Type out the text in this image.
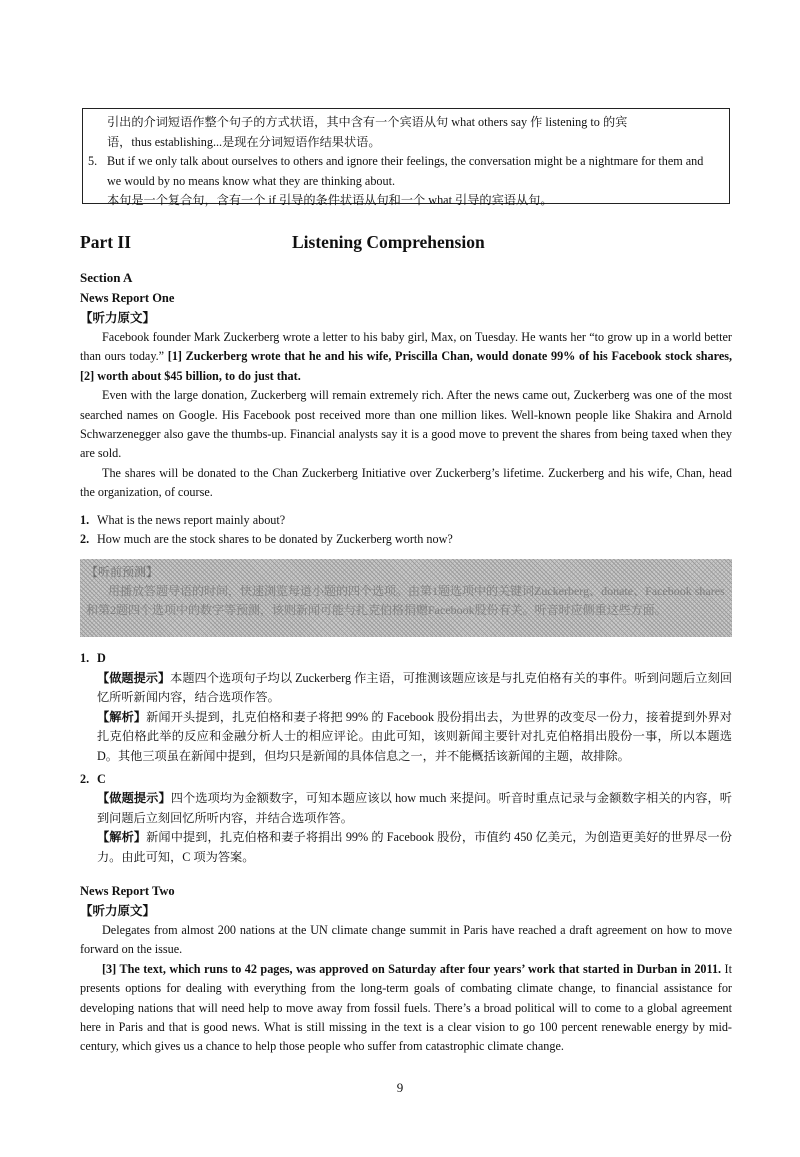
引出的介词短语作整个句子的方式状语，其中含有一个宾语从句 what others say 作 listening to 的宾
语，thus establishing...是现在分词短语作结果状语。
5. But if we only talk about ourselves to others and ignore their feelings, the conversation might be a nightmare for them and we would by no means know what they are thinking about.
本句是一个复合句，含有一个 if 引导的条件状语从句和一个 what 引导的宾语从句。
Part II	Listening Comprehension
Section A
News Report One
【听力原文】

Facebook founder Mark Zuckerberg wrote a letter to his baby girl, Max, on Tuesday. He wants her “to grow up in a world better than ours today.” [1] Zuckerberg wrote that he and his wife, Priscilla Chan, would donate 99% of his Facebook stock shares, [2] worth about $45 billion, to do just that.

Even with the large donation, Zuckerberg will remain extremely rich. After the news came out, Zuckerberg was one of the most searched names on Google. His Facebook post received more than one million likes. Well-known people like Shakira and Arnold Schwarzenegger also gave the thumbs-up. Financial analysts say it is a good move to prevent the shares from being taxed when they are sold.

The shares will be donated to the Chan Zuckerberg Initiative over Zuckerberg’s lifetime. Zuckerberg and his wife, Chan, head the organization, of course.

1. What is the news report mainly about?
2. How much are the stock shares to be donated by Zuckerberg worth now?
【听前预测】
用播放答题导语的时间，快速浏览每道小题的四个选项。由第1题选项中的关键词Zuckerberg、donate、Facebook shares和第2题四个选项中的数字等预测，该则新闻可能与扎克伯格捐赠Facebook股份有关。听音时应侧重这些方面。
1. D
【做题提示】本题四个选项句子均以 Zuckerberg 作主语，可推测该题应该是与扎克伯格有关的事件。听到问题后立刻回忆所听新闻内容，结合选项作答。
【解析】新闻开头提到，扎克伯格和妻子将把 99% 的 Facebook 股份捐出去，为世界的改变尽一份力，接着提到外界对扎克伯格此举的反应和金融分析人士的相应评论。由此可知，该则新闻主要针对扎克伯格捐出股份一事，所以本题选 D。其他三项虽在新闻中提到，但均只是新闻的具体信息之一，并不能概括该新闻的主题，故排除。
2. C
【做题提示】四个选项均为金额数字，可知本题应该以 how much 来提问。听音时重点记录与金额数字相关的内容，听到问题后立刻回忆所听内容，并结合选项作答。
【解析】新闻中提到，扎克伯格和妻子将捐出 99% 的 Facebook 股份，市值约 450 亿美元，为创造更美好的世界尽一份力。由此可知，C 项为答案。
News Report Two
【听力原文】

Delegates from almost 200 nations at the UN climate change summit in Paris have reached a draft agreement on how to move forward on the issue.

[3] The text, which runs to 42 pages, was approved on Saturday after four years’ work that started in Durban in 2011. It presents options for dealing with everything from the long-term goals of combating climate change, to financial assistance for developing nations that will need help to move away from fossil fuels. There’s a broad political will to come to a global agreement here in Paris and that is good news. What is still missing in the text is a clear vision to go 100 percent renewable energy by mid-century, which gives us a chance to help those people who suffer from catastrophic climate change.

9
